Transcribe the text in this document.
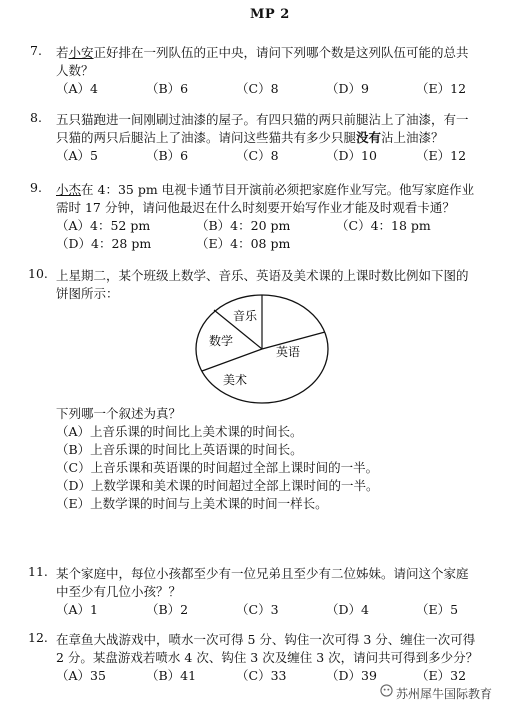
MP 2
7.	若小安正好排在一列队伍的正中央，请问下列哪个数是这列队伍可能的总共
人数？
（A）4	（B）6	（C）8	（D）9	（E）12
8.	五只猫跑进一间刚刷过油漆的屋子。有四只猫的两只前腿沾上了油漆，有一
只猫的两只后腿沾上了油漆。请问这些猫共有多少只腿没有沾上油漆？
（A）5	（B）6	（C）8	（D）10	（E）12
9.	小杰在 4：35 pm 电视卡通节目开演前必须把家庭作业写完。他写家庭作业
需时 17 分钟，请问他最迟在什么时刻要开始写作业才能及时观看卡通？
（A）4：52 pm	（B）4：20 pm	（C）4：18 pm
（D）4：28 pm	（E）4：08 pm
10. 上星期二，某个班级上数学、音乐、英语及美术课的上课时数比例如下图的
饼图所示：
音乐
英语
美术
数学
下列哪一个叙述为真？
（A）上音乐课的时间比上美术课的时间长。
（B）上音乐课的时间比上英语课的时间长。
（C）上音乐课和英语课的时间超过全部上课时间的一半。
（D）上数学课和美术课的时间超过全部上课时间的一半。
（E）上数学课的时间与上美术课的时间一样长。
11. 某个家庭中，每位小孩都至少有一位兄弟且至少有二位姊妹。请问这个家庭
中至少有几位小孩？？
（A）1	（B）2	（C）3	（D）4	（E）5
12. 在章鱼大战游戏中，喷水一次可得 5 分、钩住一次可得 3 分、缠住一次可得
2 分。某盘游戏若喷水 4 次、钩住 3 次及缠住 3 次，请问共可得到多少分？
（A）35	（B）41	（C）33	（D）39	（E）32
苏州犀牛国际教育
